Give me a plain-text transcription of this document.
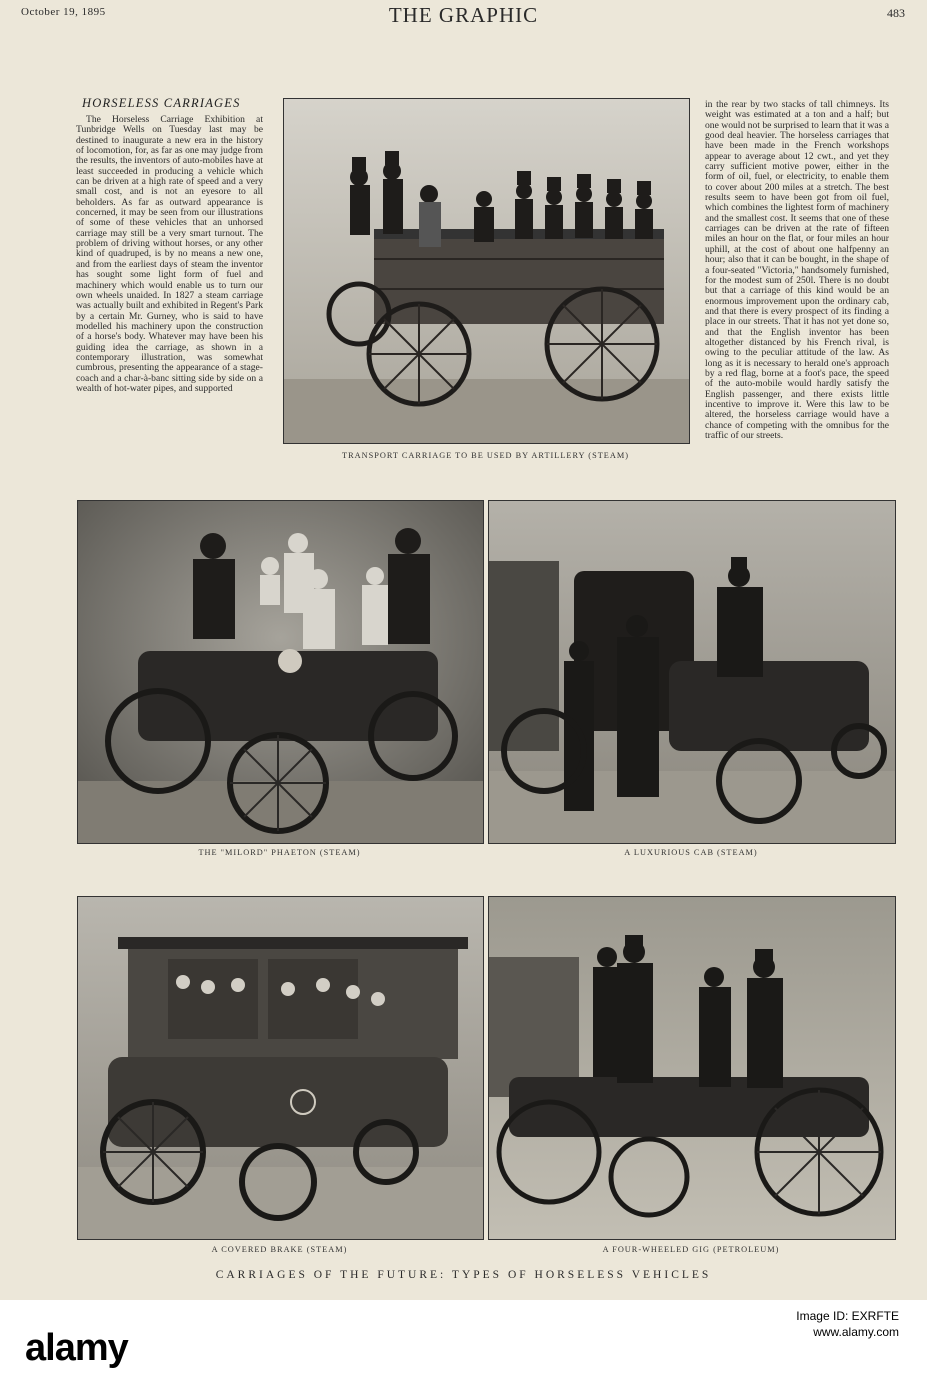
October 19, 1895	THE GRAPHIC	483
HORSELESS CARRIAGES
The Horseless Carriage Exhibition at Tunbridge Wells on Tuesday last may be destined to inaugurate a new era in the history of locomotion, for, as far as one may judge from the results, the inventors of auto-mobiles have at least succeeded in producing a vehicle which can be driven at a high rate of speed and a very small cost, and is not an eyesore to all beholders. As far as outward appearance is concerned, it may be seen from our illustrations of some of these vehicles that an unhorsed carriage may still be a very smart turnout. The problem of driving without horses, or any other kind of quadruped, is by no means a new one, and from the earliest days of steam the inventor has sought some light form of fuel and machinery which would enable us to turn our own wheels unaided. In 1827 a steam carriage was actually built and exhibited in Regent's Park by a certain Mr. Gurney, who is said to have modelled his machinery upon the construction of a horse's body. Whatever may have been his guiding idea the carriage, as shown in a contemporary illustration, was somewhat cumbrous, presenting the appearance of a stage-coach and a char-à-banc sitting side by side on a wealth of hot-water pipes, and supported
in the rear by two stacks of tall chimneys. Its weight was estimated at a ton and a half; but one would not be surprised to learn that it was a good deal heavier. The horseless carriages that have been made in the French workshops appear to average about 12 cwt., and yet they carry sufficient motive power, either in the form of oil, fuel, or electricity, to enable them to cover about 200 miles at a stretch. The best results seem to have been got from oil fuel, which combines the lightest form of machinery and the smallest cost. It seems that one of these carriages can be driven at the rate of fifteen miles an hour on the flat, or four miles an hour uphill, at the cost of about one halfpenny an hour; also that it can be bought, in the shape of a four-seated "Victoria," handsomely furnished, for the modest sum of 250l. There is no doubt but that a carriage of this kind would be an enormous improvement upon the ordinary cab, and that there is every prospect of its finding a place in our streets. That it has not yet done so, and that the English inventor has been altogether distanced by his French rival, is owing to the peculiar attitude of the law. As long as it is necessary to herald one's approach by a red flag, borne at a foot's pace, the speed of the auto-mobile would hardly satisfy the English passenger, and there exists little incentive to improve it. Were this law to be altered, the horseless carriage would have a chance of competing with the omnibus for the traffic of our streets.
TRANSPORT CARRIAGE TO BE USED BY ARTILLERY (STEAM)
THE "MILORD" PHAETON (STEAM)	A LUXURIOUS CAB (STEAM)
A COVERED BRAKE (STEAM)	A FOUR-WHEELED GIG (PETROLEUM)
CARRIAGES OF THE FUTURE: TYPES OF HORSELESS VEHICLES
alamy
Image ID: EXRFTE
www.alamy.com
